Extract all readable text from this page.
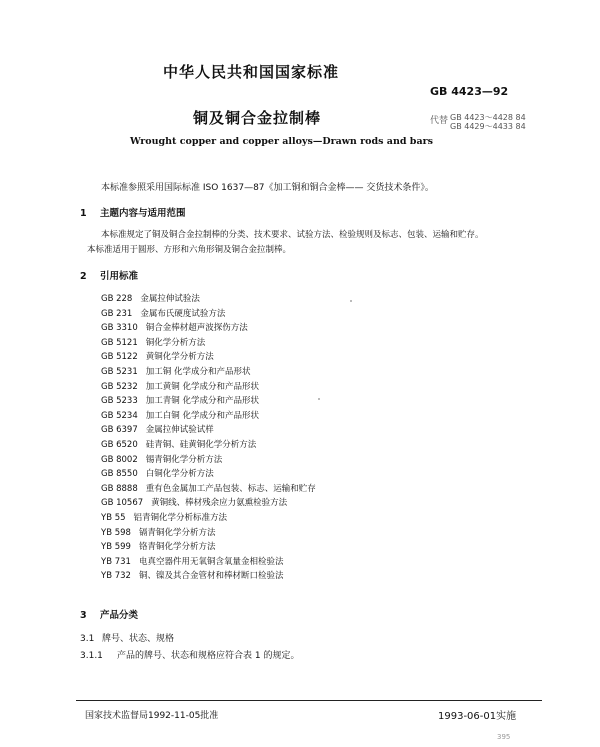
中华人民共和国国家标准
GB 4423—92
铜及铜合金拉制棒	代替 GB 4423～4428 84
GB 4429～4433 84
Wrought copper and copper alloys—Drawn rods and bars
本标准参照采用国际标准 ISO 1637—87《加工铜和铜合金棒—— 交货技术条件》。
1 主题内容与适用范围
本标准规定了铜及铜合金拉制棒的分类、技术要求、试验方法、检验规则及标志、包装、运输和贮存。
本标准适用于圆形、方形和六角形铜及铜合金拉制棒。
2 引用标准
GB 228 金属拉伸试验法
GB 231 金属布氏硬度试验方法
GB 3310 铜合金棒材超声波探伤方法
GB 5121 铜化学分析方法
GB 5122 黄铜化学分析方法
GB 5231 加工铜 化学成分和产品形状
GB 5232 加工黄铜 化学成分和产品形状
GB 5233 加工青铜 化学成分和产品形状
GB 5234 加工白铜 化学成分和产品形状
GB 6397 金属拉伸试验试样
GB 6520 硅青铜、硅黄铜化学分析方法
GB 8002 锡青铜化学分析方法
GB 8550 白铜化学分析方法
GB 8888 重有色金属加工产品包装、标志、运输和贮存
GB 10567 黄铜线、棒材残余应力氨熏检验方法
YB 55 铝青铜化学分析标准方法
YB 598 镉青铜化学分析方法
YB 599 铬青铜化学分析方法
YB 731 电真空器件用无氧铜含氧量金相检验法
YB 732 铜、镍及其合金管材和棒材断口检验法
3 产品分类
3.1 牌号、状态、规格
3.1.1 产品的牌号、状态和规格应符合表 1 的规定。
国家技术监督局1992-11-05批准	1993-06-01实施
395
